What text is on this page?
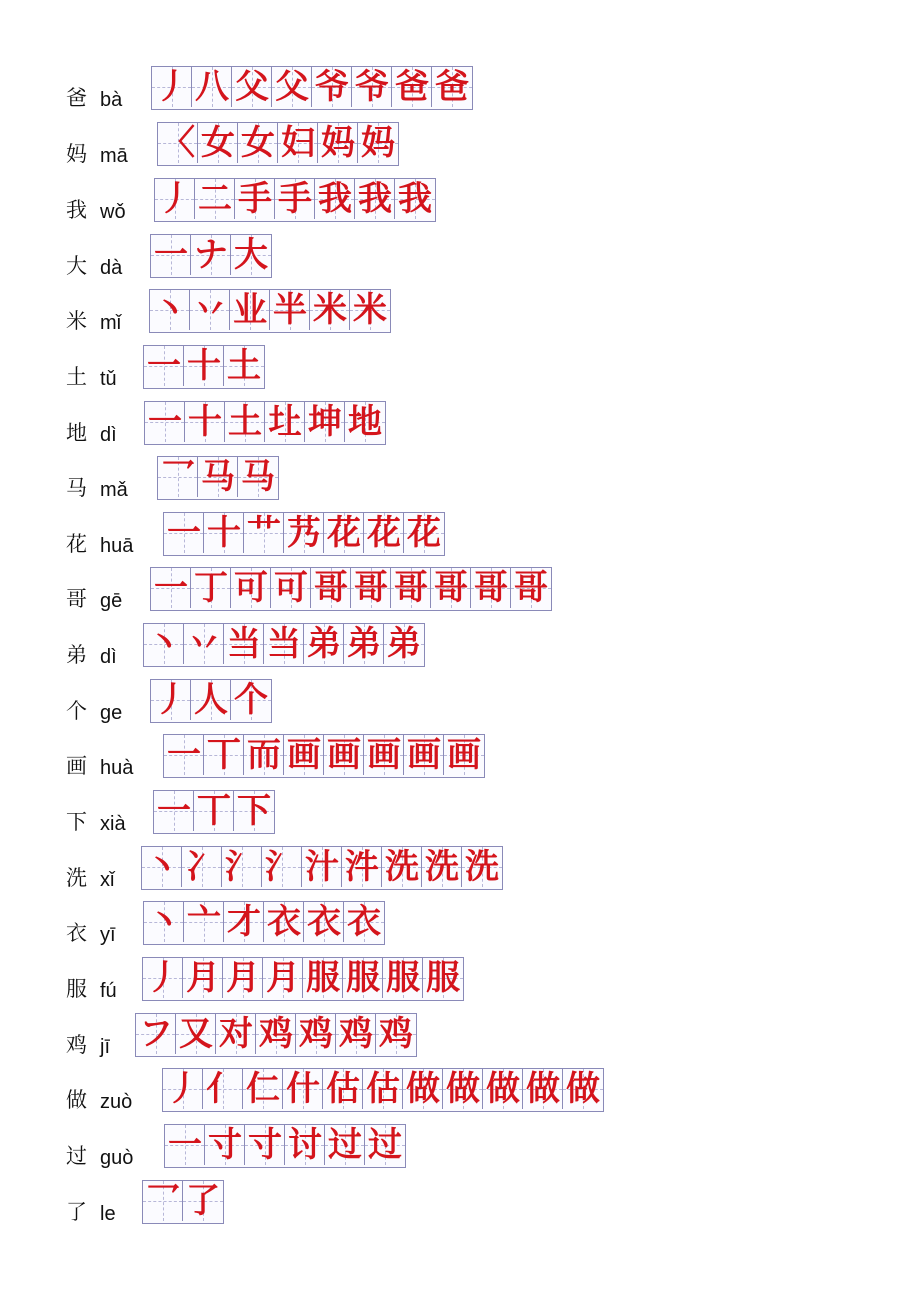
爸 bà 丿 八 父 父 爷 爷 爸 爸
妈 mā 〈 女 女 妇 妈 妈
我 wǒ 丿 二 手 手 我 我 我
大 dà 一 ナ 大
米 mǐ 丶 丷 业 半 米 米
土 tǔ 一 十 土
地 dì 一 十 土 圵 坤 地
马 mǎ 乛 马 马
花 huā 一 十 艹 艿 花 花 花
哥 gē 一 丁 可 可 哥 哥 哥 哥 哥 哥
弟 dì 丶 丷 当 当 弟 弟 弟
个 ge 丿 人 个
画 huà 一 丅 而 画 画 画 画 画
下 xià 一 丅 下
洗 xǐ 丶 冫 氵 氵 汁 汼 洗 洗 洗
衣 yī 丶 亠 才 衣 衣 衣
服 fú 丿 月 月 月 服 服 服 服
鸡 jī フ 又 对 鸡 鸡 鸡 鸡
做 zuò 丿 亻 仁 什 估 估 做 做 做 做 做
过 guò 一 寸 寸 讨 过 过
了 le 乛 了
